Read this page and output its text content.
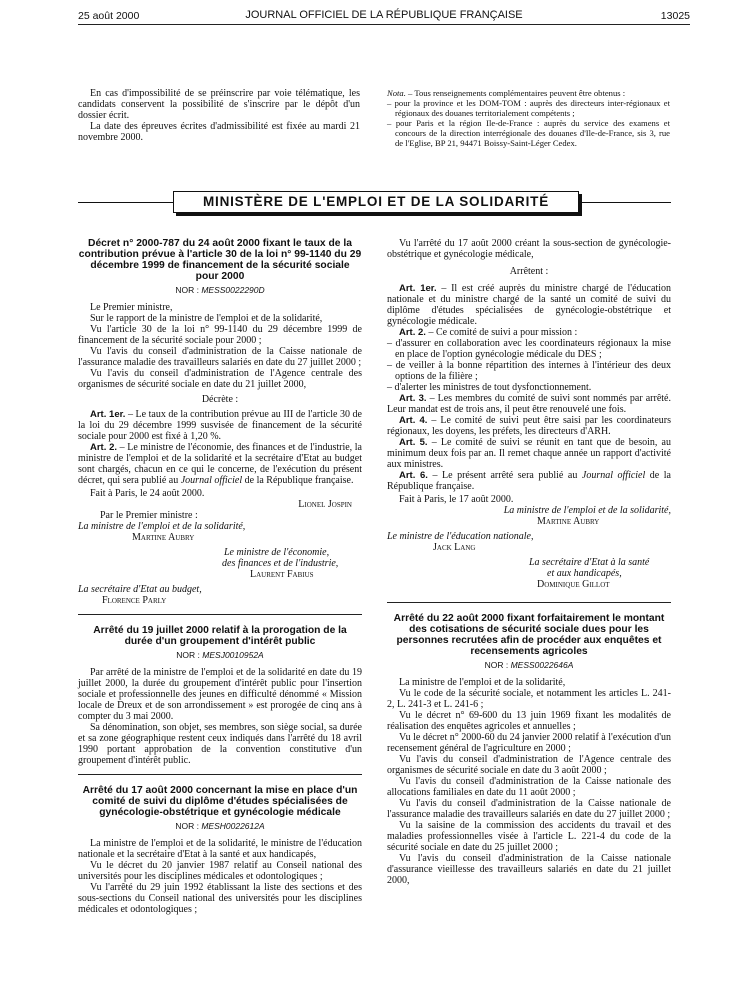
25 août 2000	JOURNAL OFFICIEL DE LA RÉPUBLIQUE FRANÇAISE	13025

En cas d'impossibilité de se préinscrire par voie télématique, les candidats conservent la possibilité de s'inscrire par le dépôt d'un dossier écrit.

La date des épreuves écrites d'admissibilité est fixée au mardi 21 novembre 2000.

Nota. – Tous renseignements complémentaires peuvent être obtenus :
– pour la province et les DOM-TOM : auprès des directeurs inter-régionaux et régionaux des douanes territorialement compétents ;
– pour Paris et la région Ile-de-France : auprès du service des examens et concours de la direction interrégionale des douanes d'Ile-de-France, sis 3, rue de l'Eglise, BP 21, 94471 Boissy-Saint-Léger Cedex.
MINISTÈRE DE L'EMPLOI ET DE LA SOLIDARITÉ
Décret n° 2000-787 du 24 août 2000 fixant le taux de la contribution prévue à l'article 30 de la loi n° 99-1140 du 29 décembre 1999 de financement de la sécurité sociale pour 2000
NOR : MESS0022290D

Le Premier ministre,

Sur le rapport de la ministre de l'emploi et de la solidarité,

Vu l'article 30 de la loi n° 99-1140 du 29 décembre 1999 de financement de la sécurité sociale pour 2000 ;

Vu l'avis du conseil d'administration de la Caisse nationale de l'assurance maladie des travailleurs salariés en date du 27 juillet 2000 ;

Vu l'avis du conseil d'administration de l'Agence centrale des organismes de sécurité sociale en date du 21 juillet 2000,

Décrète :

Art. 1er. – Le taux de la contribution prévue au III de l'article 30 de la loi du 29 décembre 1999 susvisée de financement de la sécurité sociale pour 2000 est fixé à 1,20 %.

Art. 2. – Le ministre de l'économie, des finances et de l'industrie, la ministre de l'emploi et de la solidarité et la secrétaire d'Etat au budget sont chargés, chacun en ce qui le concerne, de l'exécution du présent décret, qui sera publié au Journal officiel de la République française.

Fait à Paris, le 24 août 2000.

Lionel Jospin

Par le Premier ministre :

La ministre de l'emploi et de la solidarité,
Martine Aubry
Le ministre de l'économie,
des finances et de l'industrie,
Laurent Fabius
La secrétaire d'Etat au budget,
Florence Parly
Arrêté du 19 juillet 2000 relatif à la prorogation de la durée d'un groupement d'intérêt public
NOR : MESJ0010952A

Par arrêté de la ministre de l'emploi et de la solidarité en date du 19 juillet 2000, la durée du groupement d'intérêt public pour l'insertion sociale et professionnelle des jeunes en difficulté dénommé « Mission locale de Dreux et de son arrondissement » est prorogée de cinq ans à compter du 3 mai 2000.

Sa dénomination, son objet, ses membres, son siège social, sa durée et sa zone géographique restent ceux indiqués dans l'arrêté du 18 avril 1990 portant approbation de la convention constitutive d'un groupement d'intérêt public.

Arrêté du 17 août 2000 concernant la mise en place d'un comité de suivi du diplôme d'études spécialisées de gynécologie-obstétrique et gynécologie médicale
NOR : MESH0022612A

La ministre de l'emploi et de la solidarité, le ministre de l'éducation nationale et la secrétaire d'Etat à la santé et aux handicapés,

Vu le décret du 20 janvier 1987 relatif au Conseil national des universités pour les disciplines médicales et odontologiques ;

Vu l'arrêté du 29 juin 1992 établissant la liste des sections et des sous-sections du Conseil national des universités pour les disciplines médicales et odontologiques ;

Vu l'arrêté du 17 août 2000 créant la sous-section de gynécologie-obstétrique et gynécologie médicale,

Arrêtent :

Art. 1er. – Il est créé auprès du ministre chargé de l'éducation nationale et du ministre chargé de la santé un comité de suivi du diplôme d'études spécialisées de gynécologie-obstétrique et gynécologie médicale.

Art. 2. – Ce comité de suivi a pour mission :

– d'assurer en collaboration avec les coordinateurs régionaux la mise en place de l'option gynécologie médicale du DES ;
– de veiller à la bonne répartition des internes à l'intérieur des deux options de la filière ;
– d'alerter les ministres de tout dysfonctionnement.

Art. 3. – Les membres du comité de suivi sont nommés par arrêté. Leur mandat est de trois ans, il peut être renouvelé une fois.

Art. 4. – Le comité de suivi peut être saisi par les coordinateurs régionaux, les doyens, les préfets, les directeurs d'ARH.

Art. 5. – Le comité de suivi se réunit en tant que de besoin, au minimum deux fois par an. Il remet chaque année un rapport d'activité aux ministres.

Art. 6. – Le présent arrêté sera publié au Journal officiel de la République française.

Fait à Paris, le 17 août 2000.

La ministre de l'emploi et de la solidarité,
Martine Aubry
Le ministre de l'éducation nationale,
Jack Lang
La secrétaire d'Etat à la santé
et aux handicapés,
Dominique Gillot
Arrêté du 22 août 2000 fixant forfaitairement le montant des cotisations de sécurité sociale dues pour les personnes recrutées afin de procéder aux enquêtes et recensements agricoles
NOR : MESS0022646A

La ministre de l'emploi et de la solidarité,

Vu le code de la sécurité sociale, et notamment les articles L. 241-2, L. 241-3 et L. 241-6 ;

Vu le décret n° 69-600 du 13 juin 1969 fixant les modalités de réalisation des enquêtes agricoles et annuelles ;

Vu le décret n° 2000-60 du 24 janvier 2000 relatif à l'exécution d'un recensement général de l'agriculture en 2000 ;

Vu l'avis du conseil d'administration de l'Agence centrale des organismes de sécurité sociale en date du 3 août 2000 ;

Vu l'avis du conseil d'administration de la Caisse nationale des allocations familiales en date du 11 août 2000 ;

Vu l'avis du conseil d'administration de la Caisse nationale de l'assurance maladie des travailleurs salariés en date du 27 juillet 2000 ;

Vu la saisine de la commission des accidents du travail et des maladies professionnelles visée à l'article L. 221-4 du code de la sécurité sociale en date du 25 juillet 2000 ;

Vu l'avis du conseil d'administration de la Caisse nationale d'assurance vieillesse des travailleurs salariés en date du 21 juillet 2000,
